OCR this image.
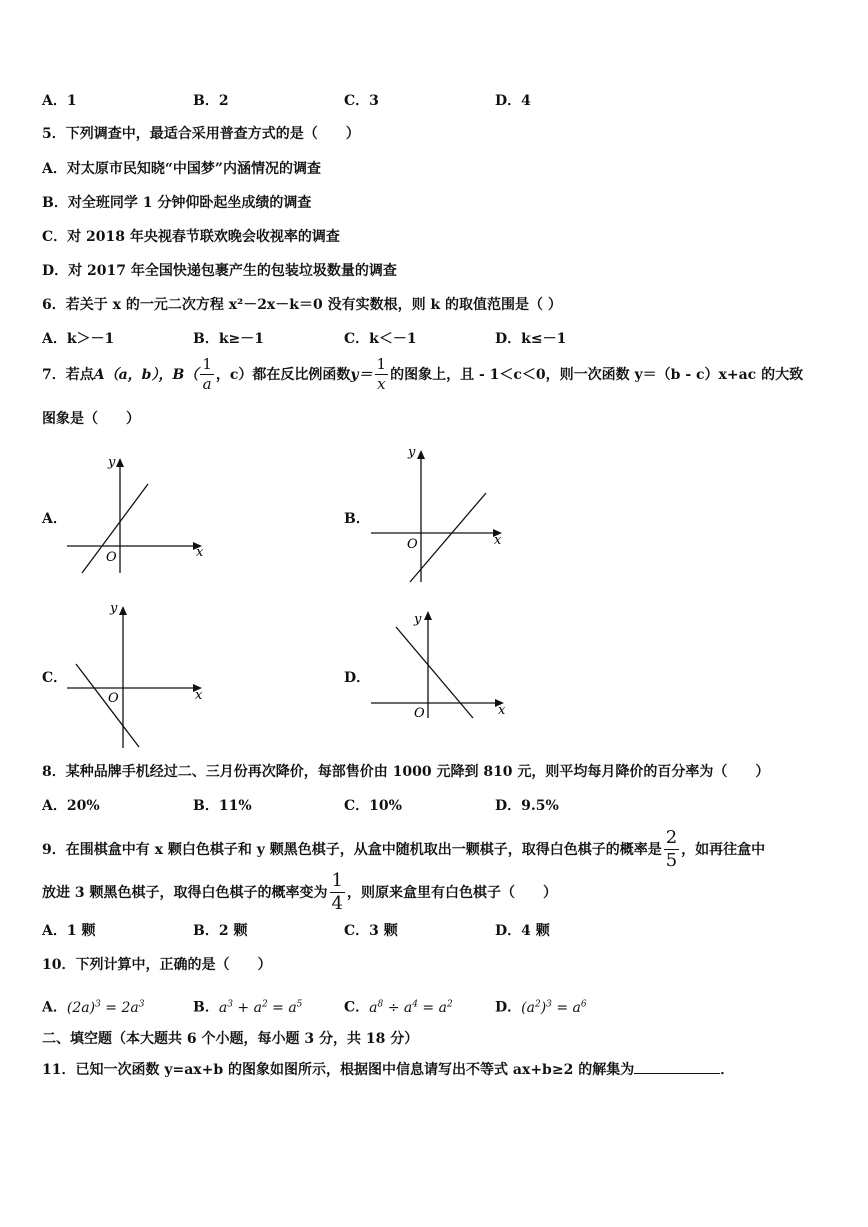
A．1	B．2	C．3	D．4
5．下列调查中，最适合采用普查方式的是（　　）
A．对太原市民知晓“中国梦”内涵情况的调查
B．对全班同学 1 分钟仰卧起坐成绩的调查
C．对 2018 年央视春节联欢晚会收视率的调查
D．对 2017 年全国快递包裹产生的包装垃圾数量的调查
6．若关于 x 的一元二次方程 x²－2x－k＝0 没有实数根，则 k 的取值范围是（ ）
A．k＞－1	B．k≥－1	C．k＜－1	D．k≤－1
7．若点 A（a，b）， $B( \frac{1}{a}$ ，c）都在反比例函数 $y= \frac{1}{x}$ 的图象上，且 - 1＜c＜0，则一次函数 y＝（b - c）x+ac 的大致
图象是（　　）
A．
O	x
y
B．
O	x
y
C．
O	x
y
D．
O	x
y
8．某种品牌手机经过二、三月份再次降价，每部售价由 1000 元降到 810 元，则平均每月降价的百分率为（　　）
A．20%	B．11%	C．10%	D．9.5%
9．在围棋盒中有 x 颗白色棋子和 y 颗黑色棋子，从盒中随机取出一颗棋子，取得白色棋子的概率是 $\frac{2}{5}$ ，如再往盒中
放进 3 颗黑色棋子，取得白色棋子的概率变为 $\frac{1}{4}$ ，则原来盒里有白色棋子（　　）
A．1 颗	B．2 颗	C．3 颗	D．4 颗
10．下列计算中，正确的是（　　）
A．$(2a)^3 = 2a^3$	B．$a^3 + a^2 = a^5$	C．$a^8 \div a^4 = a^2$	D．$(a^2)^3 = a^6$
二、填空题（本大题共 6 个小题，每小题 3 分，共 18 分）
11．已知一次函数 y=ax+b 的图象如图所示，根据图中信息请写出不等式 ax+b≥2 的解集为	．
